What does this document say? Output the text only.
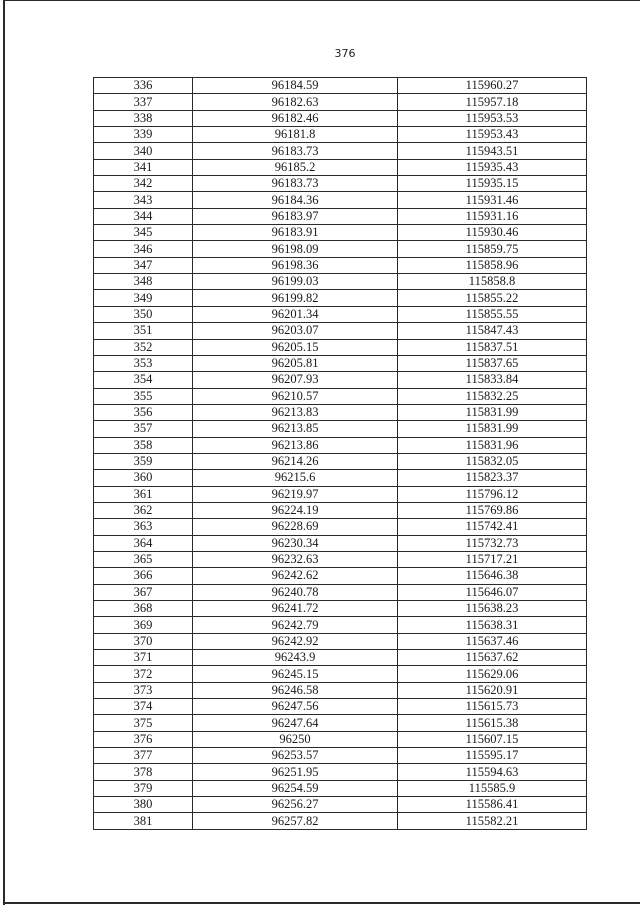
376
336	96184.59	115960.27
337	96182.63	115957.18
338	96182.46	115953.53
339	96181.8	115953.43
340	96183.73	115943.51
341	96185.2	115935.43
342	96183.73	115935.15
343	96184.36	115931.46
344	96183.97	115931.16
345	96183.91	115930.46
346	96198.09	115859.75
347	96198.36	115858.96
348	96199.03	115858.8
349	96199.82	115855.22
350	96201.34	115855.55
351	96203.07	115847.43
352	96205.15	115837.51
353	96205.81	115837.65
354	96207.93	115833.84
355	96210.57	115832.25
356	96213.83	115831.99
357	96213.85	115831.99
358	96213.86	115831.96
359	96214.26	115832.05
360	96215.6	115823.37
361	96219.97	115796.12
362	96224.19	115769.86
363	96228.69	115742.41
364	96230.34	115732.73
365	96232.63	115717.21
366	96242.62	115646.38
367	96240.78	115646.07
368	96241.72	115638.23
369	96242.79	115638.31
370	96242.92	115637.46
371	96243.9	115637.62
372	96245.15	115629.06
373	96246.58	115620.91
374	96247.56	115615.73
375	96247.64	115615.38
376	96250	115607.15
377	96253.57	115595.17
378	96251.95	115594.63
379	96254.59	115585.9
380	96256.27	115586.41
381	96257.82	115582.21
